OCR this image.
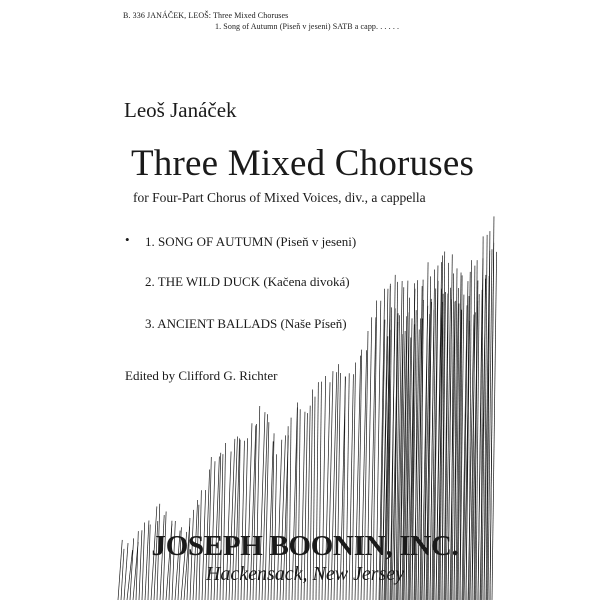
B. 336 JANÁČEK, LEOŠ: Three Mixed Choruses
1. Song of Autumn (Piseň v jeseni) SATB a capp. . . . . .
Leoš Janáček
Three Mixed Choruses
for Four-Part Chorus of Mixed Voices, div., a cappella
• 1. SONG OF AUTUMN (Piseň v jeseni)
2. THE WILD DUCK (Kačena divoká)
3. ANCIENT BALLADS (Naše Píseň)
Edited by Clifford G. Richter
JOSEPH BOONIN, INC.
Hackensack, New Jersey
